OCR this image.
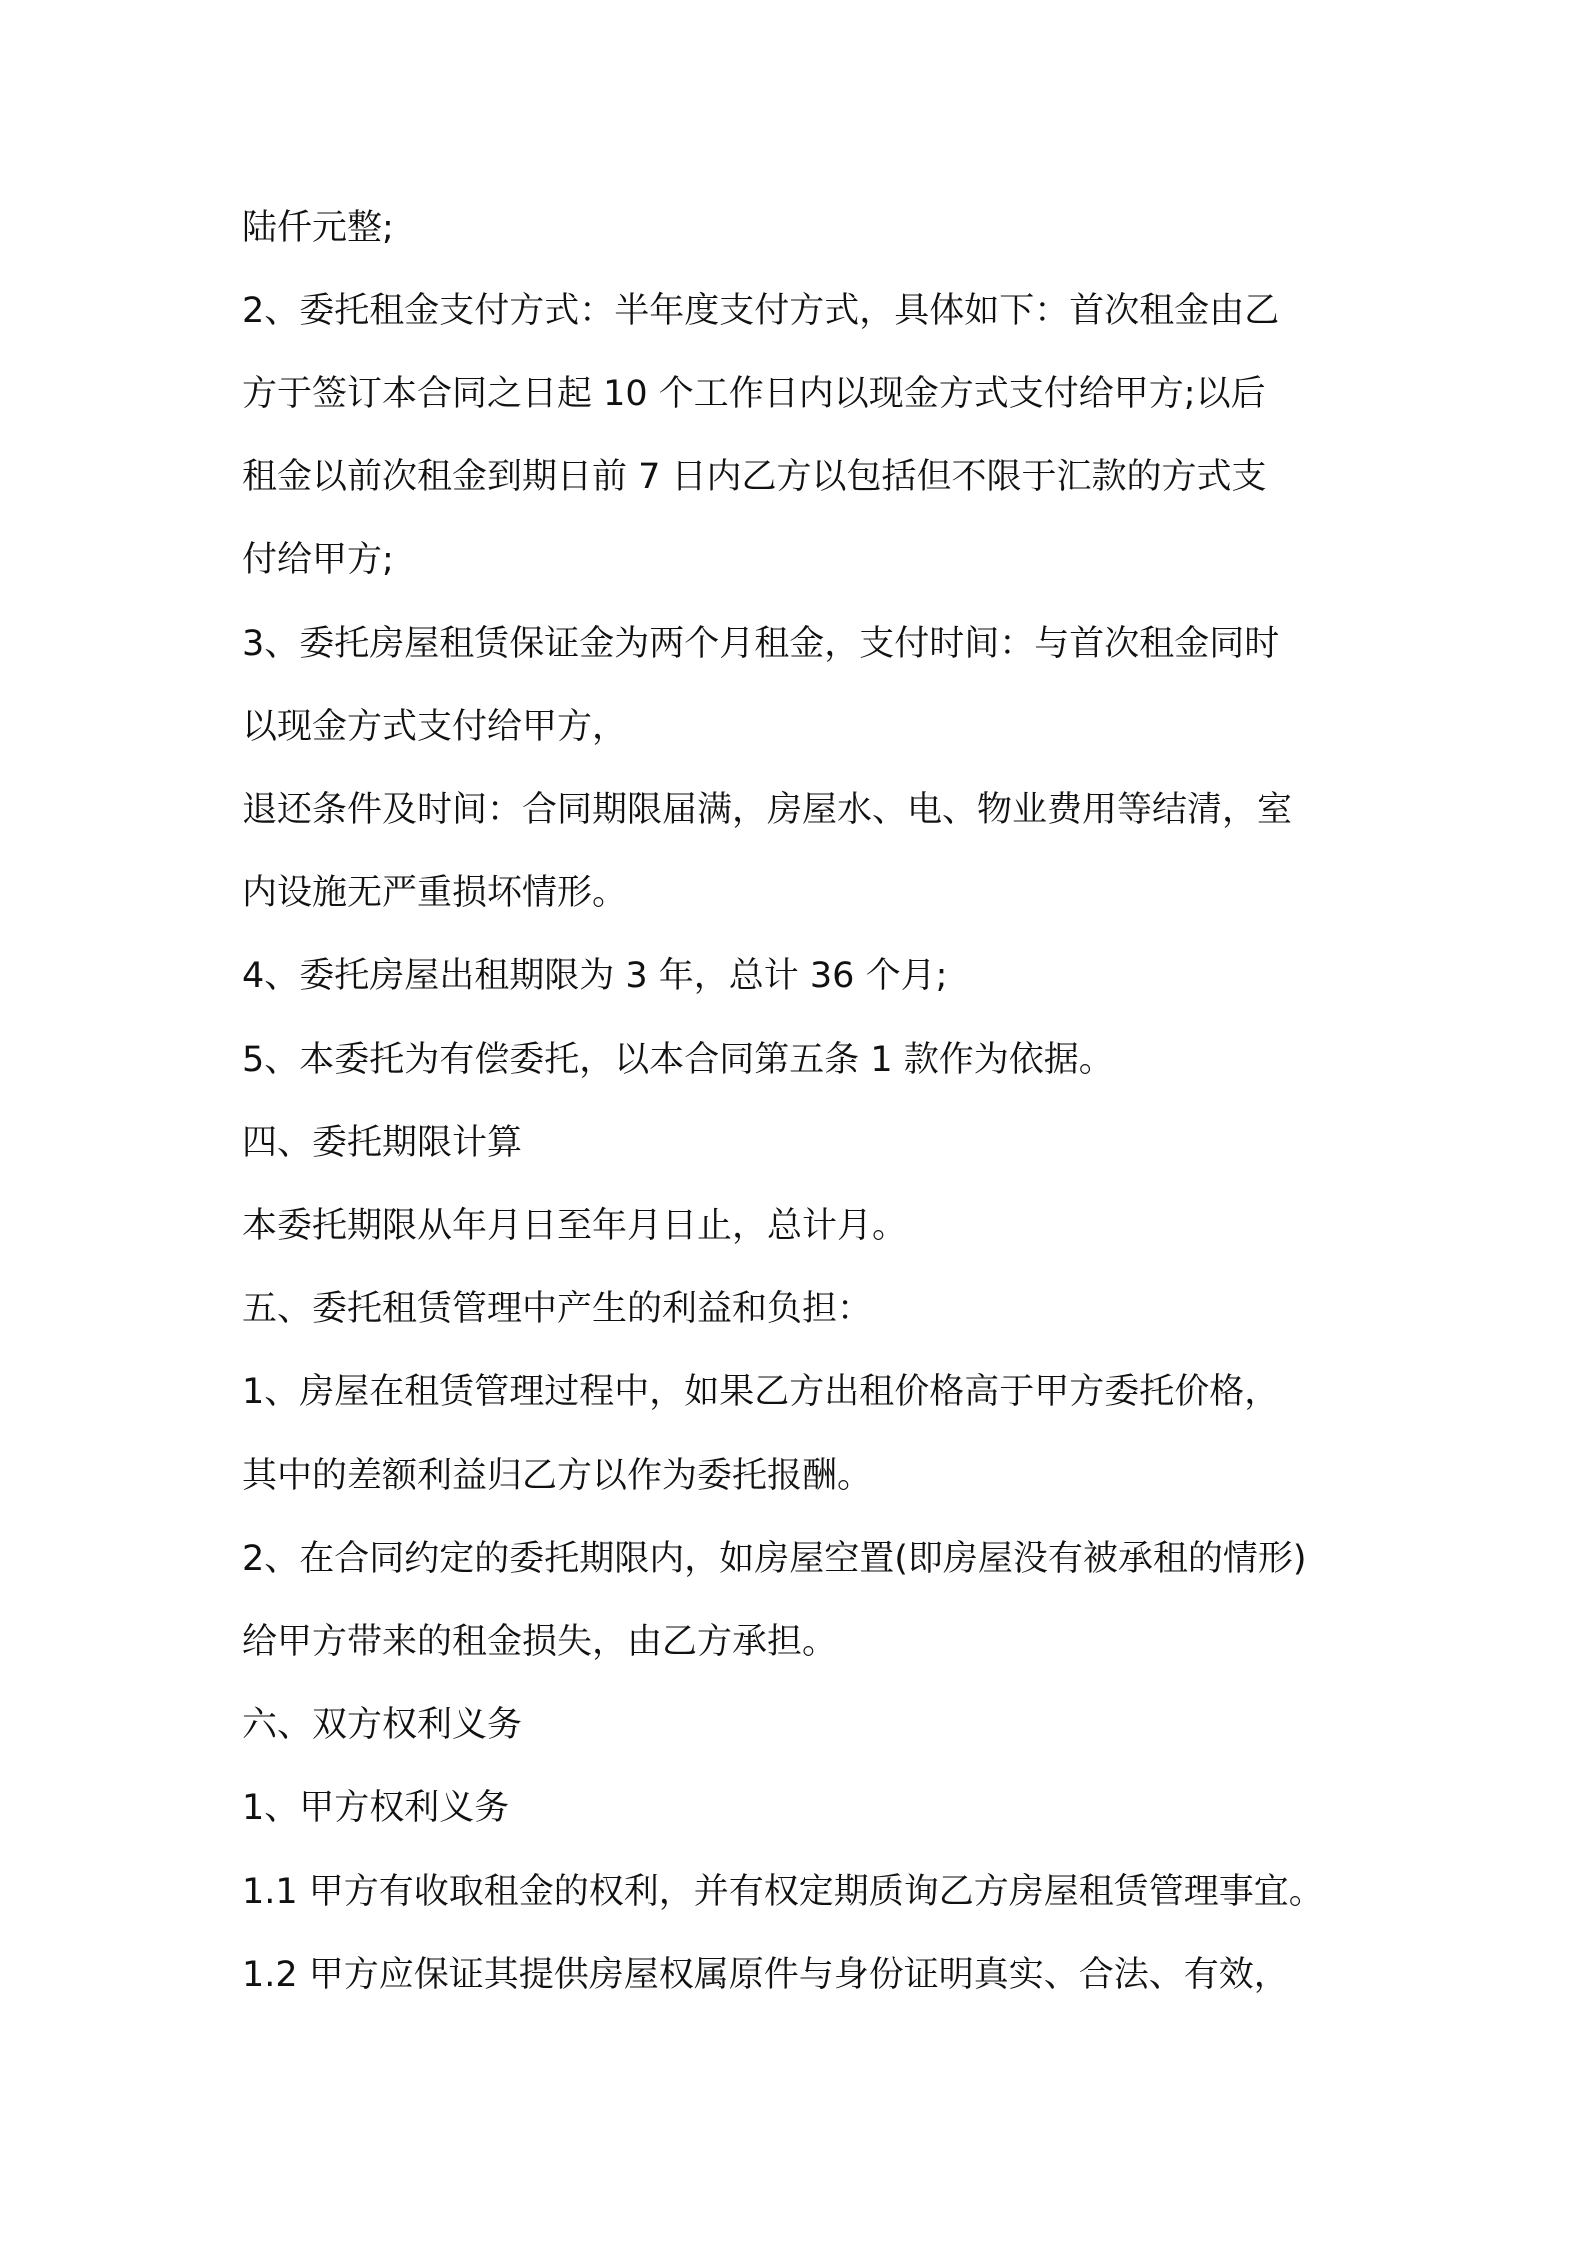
陆仟元整;
2、委托租金支付方式：半年度支付方式，具体如下：首次租金由乙
方于签订本合同之日起 10 个工作日内以现金方式支付给甲方;以后
租金以前次租金到期日前 7 日内乙方以包括但不限于汇款的方式支
付给甲方;
3、委托房屋租赁保证金为两个月租金，支付时间：与首次租金同时
以现金方式支付给甲方，
退还条件及时间：合同期限届满，房屋水、电、物业费用等结清，室
内设施无严重损坏情形。
4、委托房屋出租期限为 3 年，总计 36 个月;
5、本委托为有偿委托，以本合同第五条 1 款作为依据。
四、委托期限计算
本委托期限从年月日至年月日止，总计月。
五、委托租赁管理中产生的利益和负担：
1、房屋在租赁管理过程中，如果乙方出租价格高于甲方委托价格，
其中的差额利益归乙方以作为委托报酬。
2、在合同约定的委托期限内，如房屋空置(即房屋没有被承租的情形)
给甲方带来的租金损失，由乙方承担。
六、双方权利义务
1、甲方权利义务
1.1 甲方有收取租金的权利，并有权定期质询乙方房屋租赁管理事宜。
1.2 甲方应保证其提供房屋权属原件与身份证明真实、合法、有效，
